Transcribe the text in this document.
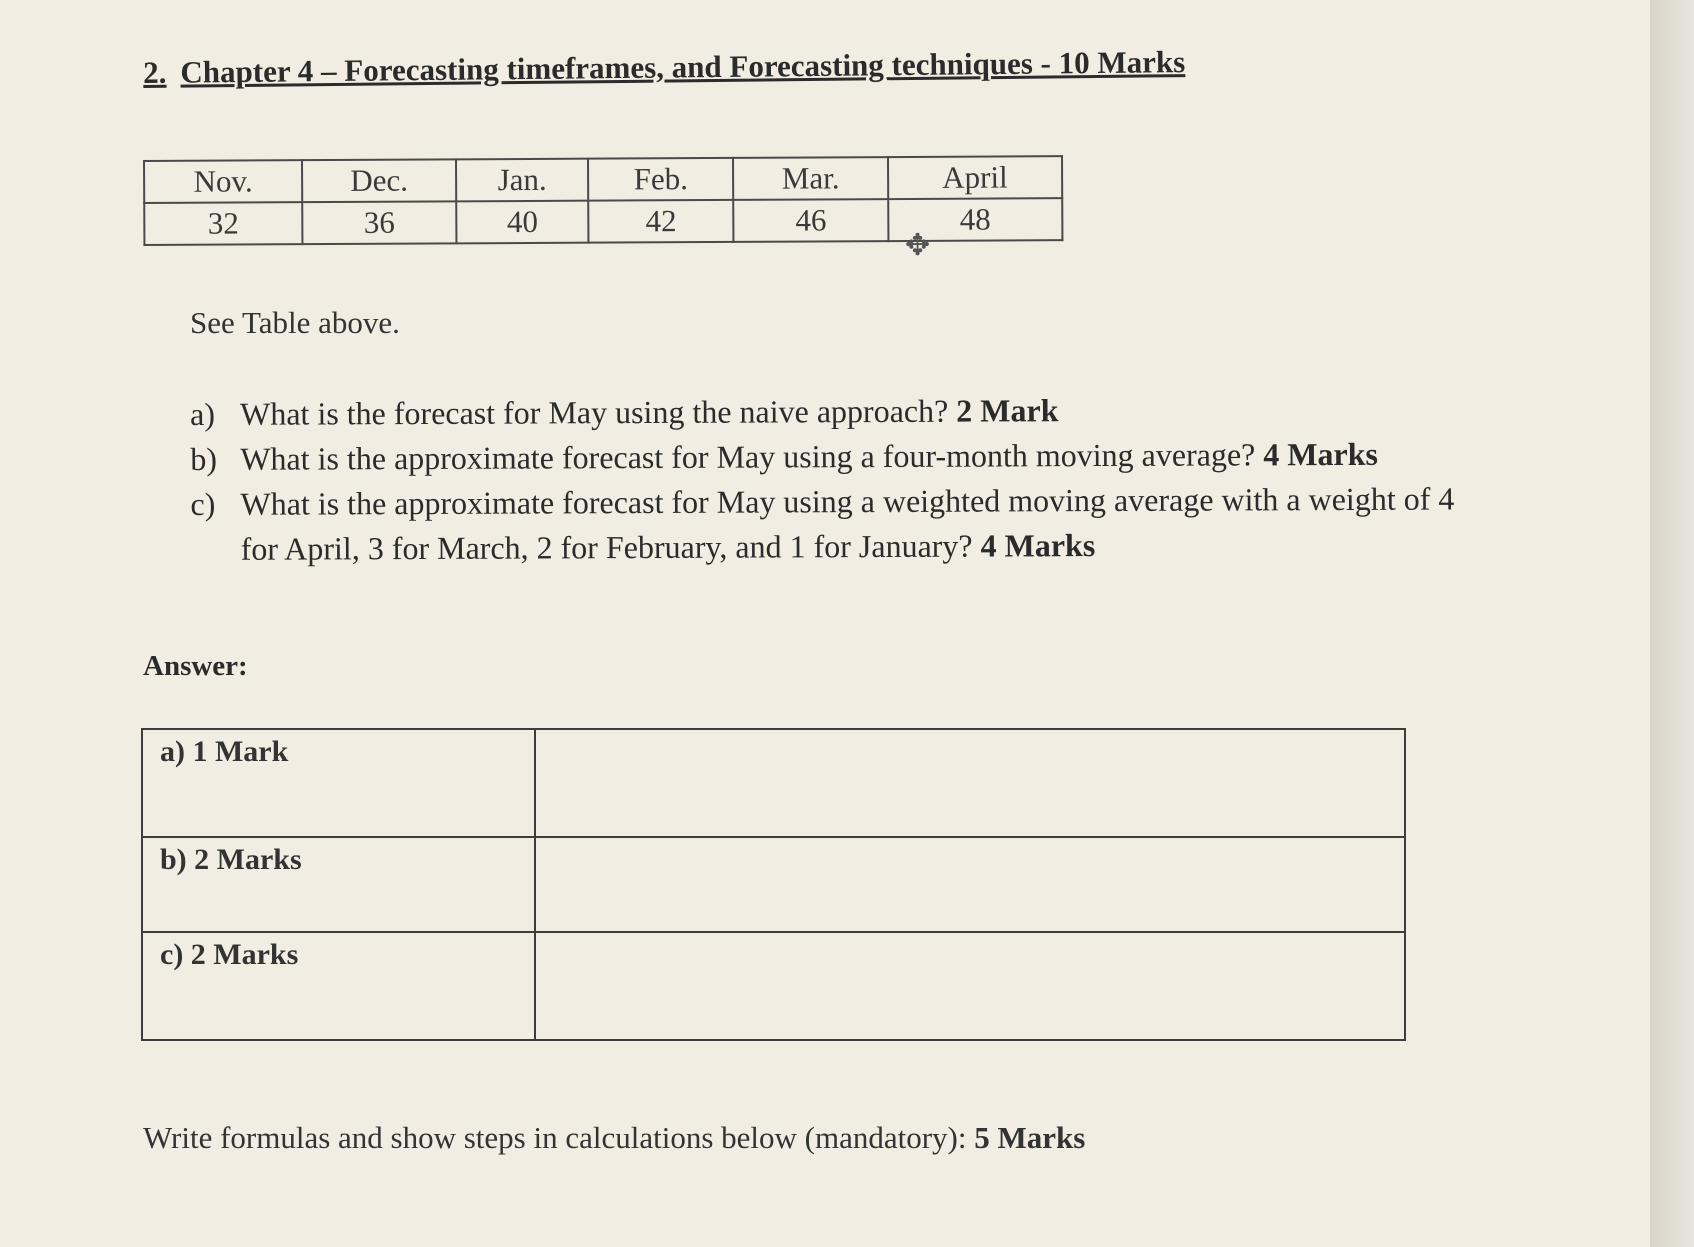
2. Chapter 4 – Forecasting timeframes, and Forecasting techniques - 10 Marks
Nov.	Dec.	Jan.	Feb.	Mar.	April
32	36	40	42	46	48
✥
See Table above.
a) What is the forecast for May using the naive approach? 2 Mark
b) What is the approximate forecast for May using a four-month moving average? 4 Marks
c) What is the approximate forecast for May using a weighted moving average with a weight of 4 for April, 3 for March, 2 for February, and 1 for January? 4 Marks
Answer:
a) 1 Mark	
b) 2 Marks	
c) 2 Marks	
Write formulas and show steps in calculations below (mandatory): 5 Marks
